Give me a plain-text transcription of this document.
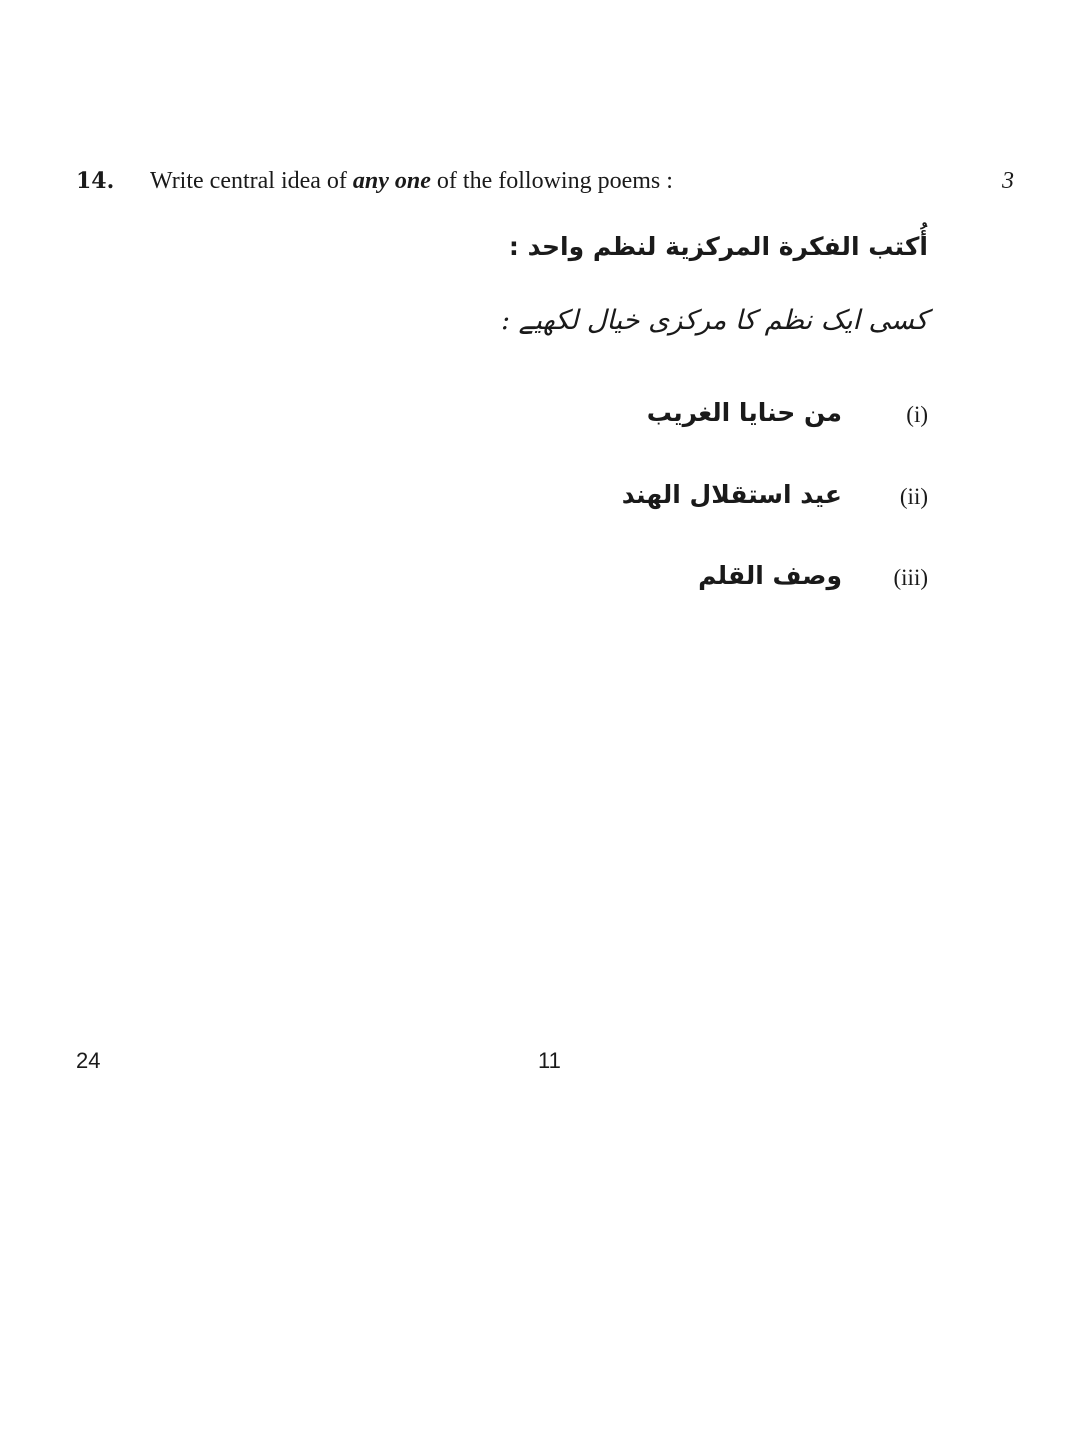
14. Write central idea of any one of the following poems :	3
أُكتب الفكرة المركزية لنظم واحد :
کسی ایک نظم کا مرکزی خیال لکھیے :
(i)
من حنايا الغريب
(ii)
عيد استقلال الهند
(iii)
وصف القلم
24	11
